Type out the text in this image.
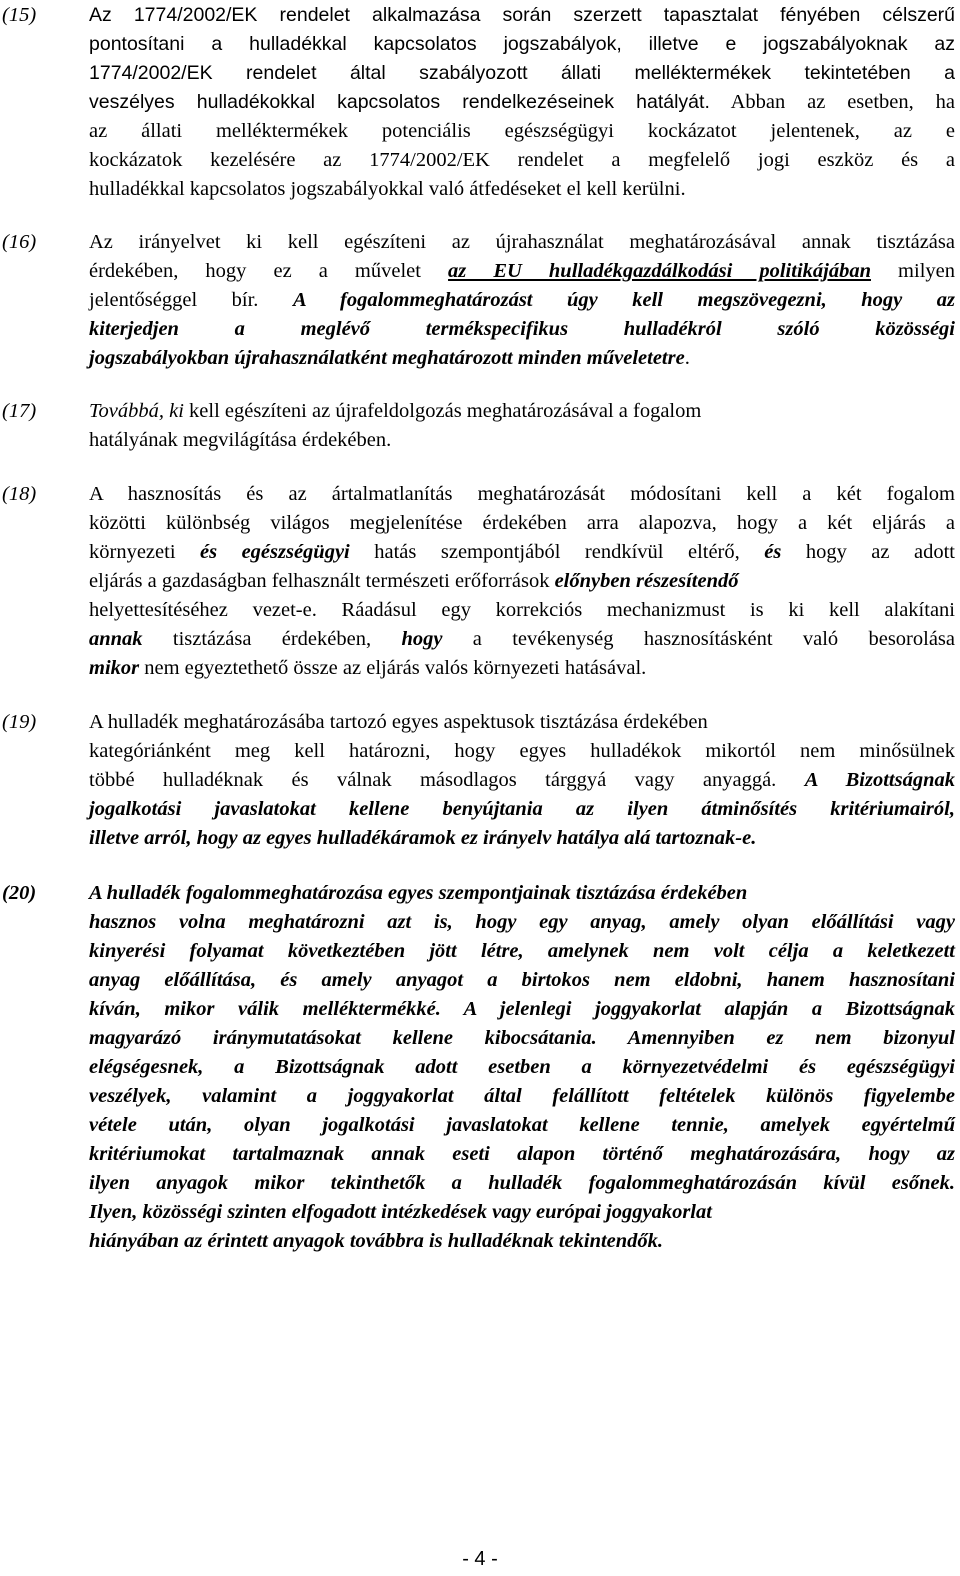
(15)	Az 1774/2002/EK rendelet alkalmazása során szerzett tapasztalat fényében célszerű
pontosítani a hulladékkal kapcsolatos jogszabályok, illetve e jogszabályoknak az
1774/2002/EK rendelet által szabályozott állati melléktermékek tekintetében a
veszélyes hulladékokkal kapcsolatos rendelkezéseinek hatályát. Abban az esetben, ha
az állati melléktermékek potenciális egészségügyi kockázatot jelentenek, az e
kockázatok kezelésére az 1774/2002/EK rendelet a megfelelő jogi eszköz és a
hulladékkal kapcsolatos jogszabályokkal való átfedéseket el kell kerülni.
(16)	Az irányelvet ki kell egészíteni az újrahasználat meghatározásával annak tisztázása
érdekében, hogy ez a művelet az EU hulladékgazdálkodási politikájában milyen
jelentőséggel bír. A fogalommeghatározást úgy kell megszövegezni, hogy az
kiterjedjen a meglévő termékspecifikus hulladékról szóló közösségi
jogszabályokban újrahasználatként meghatározott minden műveletetre.
(17)	Továbbá, ki kell egészíteni az újrafeldolgozás meghatározásával a fogalom
hatályának megvilágítása érdekében.
(18)	A hasznosítás és az ártalmatlanítás meghatározását módosítani kell a két fogalom
közötti különbség világos megjelenítése érdekében arra alapozva, hogy a két eljárás a
környezeti és egészségügyi hatás szempontjából rendkívül eltérő, és hogy az adott
eljárás a gazdaságban felhasznált természeti erőforrások előnyben részesítendő
helyettesítéséhez vezet-e. Ráadásul egy korrekciós mechanizmust is ki kell alakítani
annak tisztázása érdekében, hogy a tevékenység hasznosításként való besorolása
mikor nem egyeztethető össze az eljárás valós környezeti hatásával.
(19)	A hulladék meghatározásába tartozó egyes aspektusok tisztázása érdekében
kategóriánként meg kell határozni, hogy egyes hulladékok mikortól nem minősülnek
többé hulladéknak és válnak másodlagos tárggyá vagy anyaggá. A Bizottságnak
jogalkotási javaslatokat kellene benyújtania az ilyen átminősítés kritériumairól,
illetve arról, hogy az egyes hulladékáramok ez irányelv hatálya alá tartoznak-e.
(20)	A hulladék fogalommeghatározása egyes szempontjainak tisztázása érdekében
hasznos volna meghatározni azt is, hogy egy anyag, amely olyan előállítási vagy
kinyerési folyamat következtében jött létre, amelynek nem volt célja a keletkezett
anyag előállítása, és amely anyagot a birtokos nem eldobni, hanem hasznosítani
kíván, mikor válik melléktermékké. A jelenlegi joggyakorlat alapján a Bizottságnak
magyarázó iránymutatásokat kellene kibocsátania. Amennyiben ez nem bizonyul
elégségesnek, a Bizottságnak adott esetben a környezetvédelmi és egészségügyi
veszélyek, valamint a joggyakorlat által felállított feltételek különös figyelembe
vétele után, olyan jogalkotási javaslatokat kellene tennie, amelyek egyértelmű
kritériumokat tartalmaznak annak eseti alapon történő meghatározására, hogy az
ilyen anyagok mikor tekinthetők a hulladék fogalommeghatározásán kívül esőnek.
Ilyen, közösségi szinten elfogadott intézkedések vagy európai joggyakorlat
hiányában az érintett anyagok továbbra is hulladéknak tekintendők.
- 4 -
